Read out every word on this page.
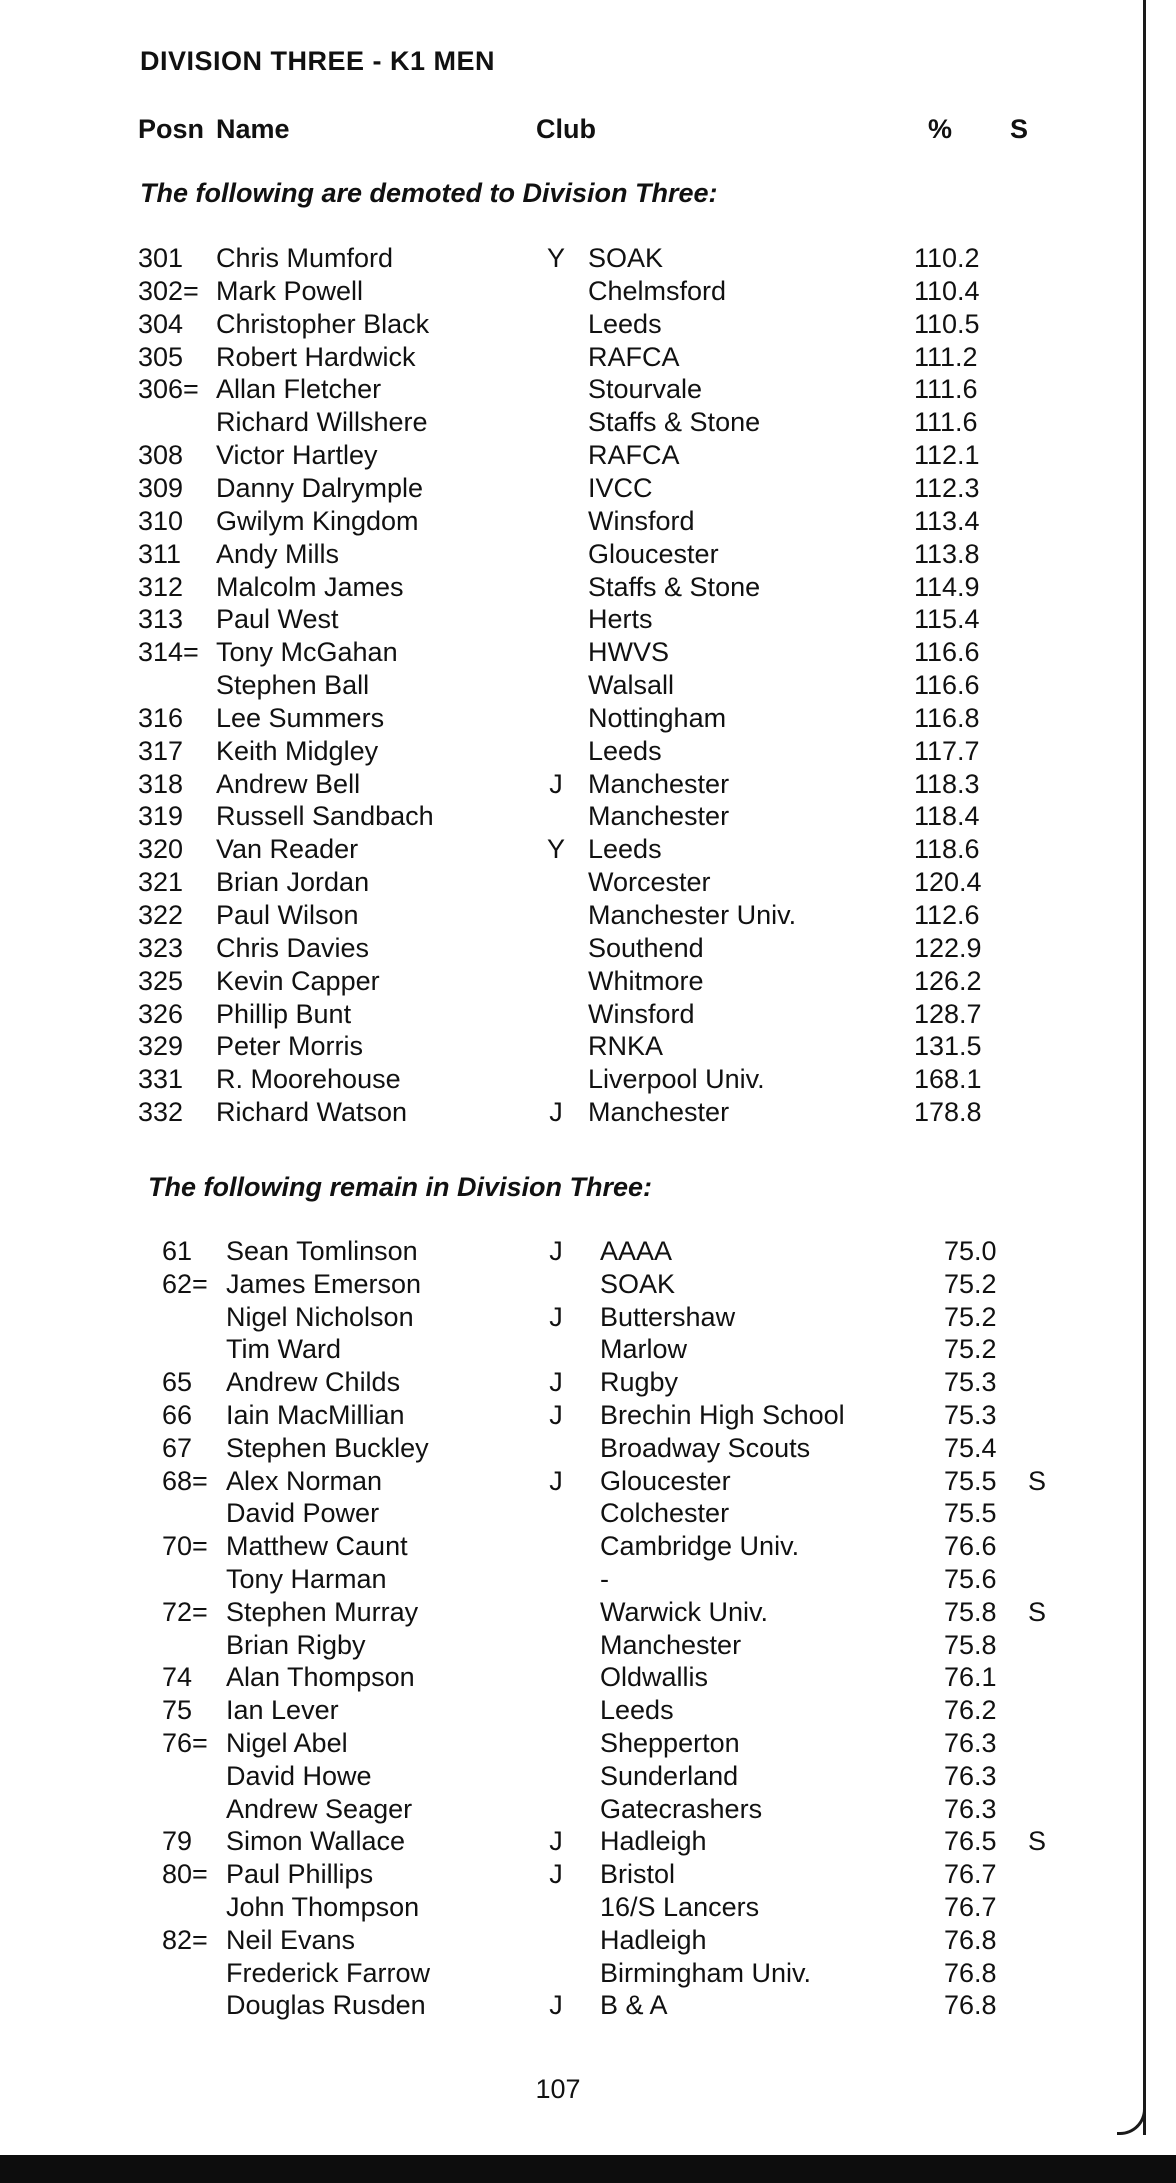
DIVISION THREE - K1 MEN
Posn Name	Club	% S
The following are demoted to Division Three:
301 Chris Mumford	Y SOAK	110.2
302= Mark Powell	Chelmsford	110.4
304 Christopher Black	Leeds	110.5
305 Robert Hardwick	RAFCA	111.2
306= Allan Fletcher	Stourvale	111.6
Richard Willshere	Staffs & Stone	111.6
308 Victor Hartley	RAFCA	112.1
309 Danny Dalrymple	IVCC	112.3
310 Gwilym Kingdom	Winsford	113.4
311 Andy Mills	Gloucester	113.8
312 Malcolm James	Staffs & Stone	114.9
313 Paul West	Herts	115.4
314= Tony McGahan	HWVS	116.6
Stephen Ball	Walsall	116.6
316 Lee Summers	Nottingham	116.8
317 Keith Midgley	Leeds	117.7
318 Andrew Bell	J Manchester	118.3
319 Russell Sandbach	Manchester	118.4
320 Van Reader	Y Leeds	118.6
321 Brian Jordan	Worcester	120.4
322 Paul Wilson	Manchester Univ.	112.6
323 Chris Davies	Southend	122.9
325 Kevin Capper	Whitmore	126.2
326 Phillip Bunt	Winsford	128.7
329 Peter Morris	RNKA	131.5
331 R. Moorehouse	Liverpool Univ.	168.1
332 Richard Watson	J Manchester	178.8
The following remain in Division Three:
61 Sean Tomlinson	J AAAA	75.0
62= James Emerson	SOAK	75.2
Nigel Nicholson	J Buttershaw	75.2
Tim Ward	Marlow	75.2
65 Andrew Childs	J Rugby	75.3
66 Iain MacMillian	J Brechin High School	75.3
67 Stephen Buckley	Broadway Scouts	75.4
68= Alex Norman	J Gloucester	75.5 S
David Power	Colchester	75.5
70= Matthew Caunt	Cambridge Univ.	76.6
Tony Harman	-	75.6
72= Stephen Murray	Warwick Univ.	75.8 S
Brian Rigby	Manchester	75.8
74 Alan Thompson	Oldwallis	76.1
75 Ian Lever	Leeds	76.2
76= Nigel Abel	Shepperton	76.3
David Howe	Sunderland	76.3
Andrew Seager	Gatecrashers	76.3
79 Simon Wallace	J Hadleigh	76.5 S
80= Paul Phillips	J Bristol	76.7
John Thompson	16/S Lancers	76.7
82= Neil Evans	Hadleigh	76.8
Frederick Farrow	Birmingham Univ.	76.8
Douglas Rusden	J B & A	76.8
107
